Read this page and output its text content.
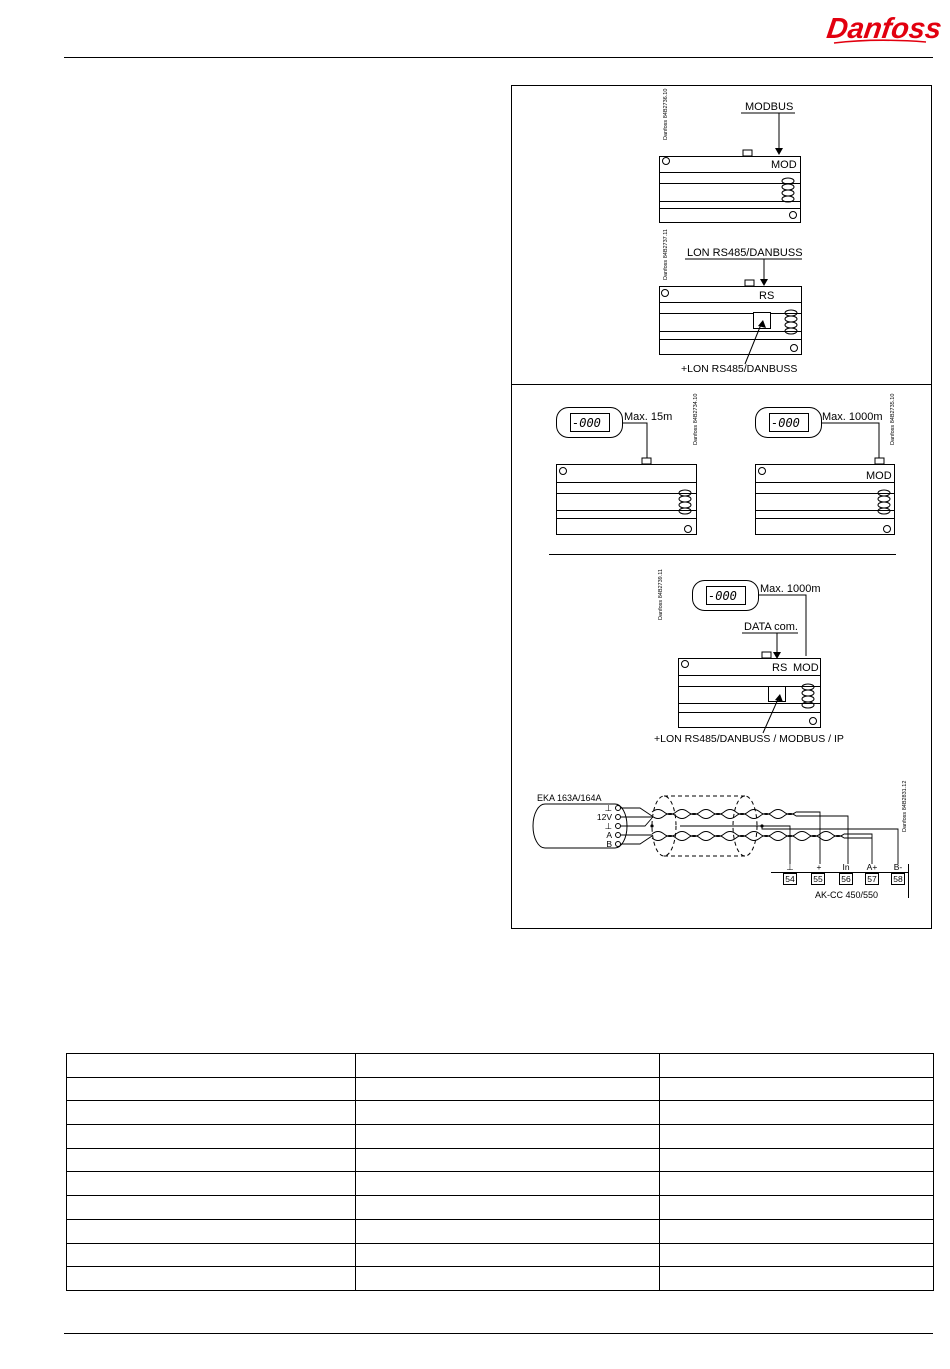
Danfoss
Danfoss 84B2736.10	MODBUS
MOD
Danfoss 84B2737.11 LON RS485/DANBUSS
RS
+LON RS485/DANBUSS
-000 Max. 15m	Danfoss 84B2734.10	-000 Max. 1000m Danfoss 84B2735.10
MOD
Danfoss 84B2739.11	-000 Max. 1000m
DATA com.
RS MOD
+LON RS485/DANBUSS / MODBUS / IP
EKA 163A/164A
⊥
12V
⊥
A
B
Danfoss 84B2831.12
⊥	+ In A+ B-
54 55 56 57 58
AK-CC 450/550
